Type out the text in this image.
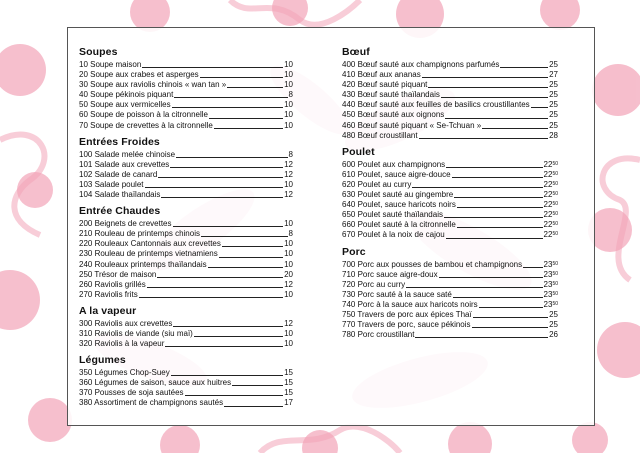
Soupes
10 Soupe maison	10
20 Soupe aux crabes et asperges	10
30 Soupe aux raviolis chinois « wan tan »	10
40 Soupe pékinois piquant	8
50 Soupe aux vermicelles	10
60 Soupe de poisson à la citronnelle	10
70 Soupe de crevettes à la citronnelle	10
Entrées Froides
100 Salade melée chinoise	8
101 Salade aux crevettes	12
102 Salade de canard	12
103 Salade poulet	10
104 Salade thaïlandais	12
Entrée Chaudes
200 Beignets de crevettes	10
210 Rouleau de printemps chinois	8
220 Rouleaux Cantonnais aux crevettes	10
230 Rouleau de printemps vietnamiens	10
240 Rouleaux printemps thaïlandais	10
250 Trésor de maison	20
260 Raviolis grillés	12
270 Raviolis frits	10
A la vapeur
300 Raviolis aux crevettes	12
310 Raviolis de viande (siu maï)	10
320 Raviolis à la vapeur	10
Légumes
350 Légumes Chop-Suey	15
360 Légumes de saison, sauce aux huitres	15
370 Pousses de soja sautées	15
380 Assortiment de champignons sautés	17
Bœuf
400 Bœuf sauté aux champignons parfumés	25
410 Bœuf aux ananas	27
420 Bœuf sauté piquant	25
430 Bœuf sauté thaïlandais	25
440 Bœuf sauté aux feuilles de basilics croustillantes 25
450 Bœuf sauté aux oignons	25
460 Bœuf sauté piquant « Se-Tchuan »	25
480 Bœuf croustillant	28
Poulet
600 Poulet aux champignons	$22^{50}$
610 Poulet, sauce aigre-douce	$22^{50}$
620 Poulet au curry	$22^{50}$
630 Poulet sauté au gingembre	$22^{50}$
640 Poulet, sauce haricots noirs	$22^{50}$
650 Poulet sauté thaïlandais	$22^{50}$
660 Poulet sauté à la citronnelle	$22^{50}$
670 Poulet à la noix de cajou	$22^{50}$
Porc
700 Porc aux pousses de bambou et champignons	$23^{50}$
710 Porc sauce aigre-doux	$23^{50}$
720 Porc au curry	$23^{50}$
730 Porc sauté à la sauce saté	$23^{50}$
740 Porc à la sauce aux haricots noirs	$23^{50}$
750 Travers de porc aux épices Thaï	25
770 Travers de porc, sauce pékinois	25
780 Porc croustillant	26
